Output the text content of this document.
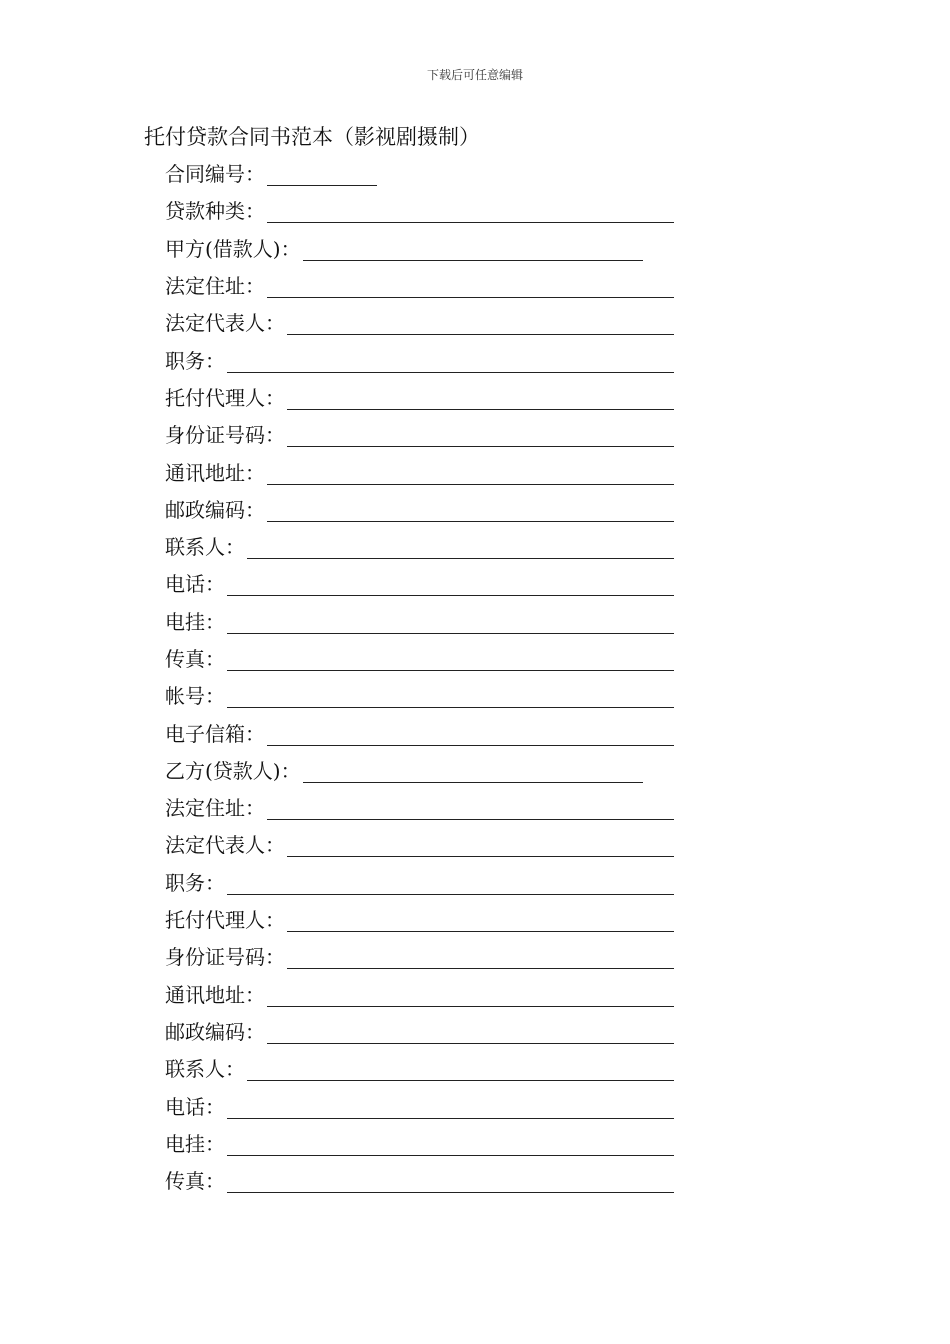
下载后可任意编辑
托付贷款合同书范本（影视剧摄制）
合同编号：
贷款种类：
甲方(借款人)：
法定住址：
法定代表人：
职务：
托付代理人：
身份证号码：
通讯地址：
邮政编码：
联系人：
电话：
电挂：
传真：
帐号：
电子信箱：
乙方(贷款人)：
法定住址：
法定代表人：
职务：
托付代理人：
身份证号码：
通讯地址：
邮政编码：
联系人：
电话：
电挂：
传真：
